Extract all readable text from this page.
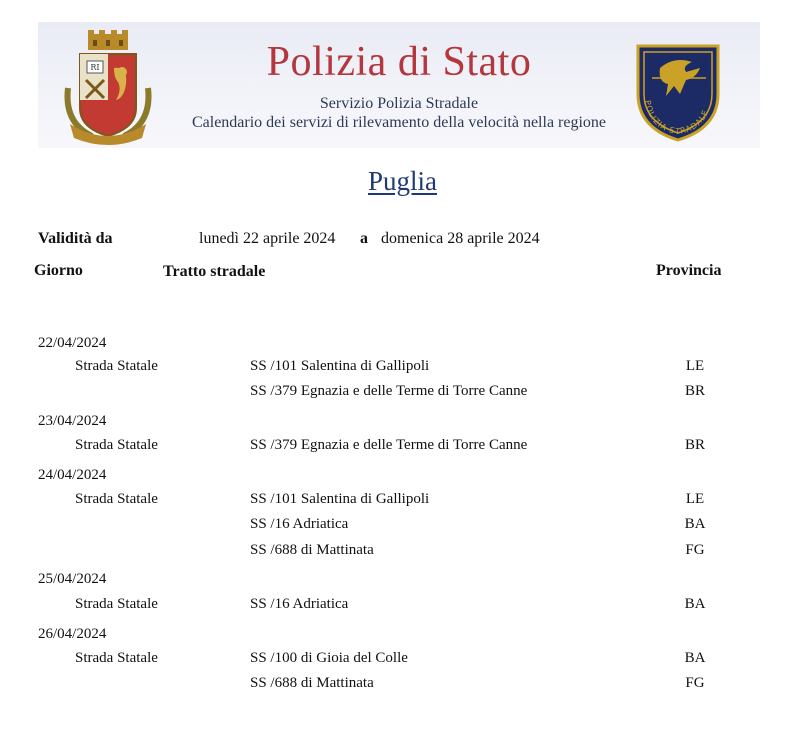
RI	Polizia di Stato
Servizio Polizia Stradale
Calendario dei servizi di rilevamento della velocità nella regione
POLIZIA STRADALE
Puglia
Validità da	lunedì 22 aprile 2024 a domenica 28 aprile 2024
Giorno	Tratto stradale	Provincia
22/04/2024
Strada Statale	SS /101 Salentina di Gallipoli	LE
SS /379 Egnazia e delle Terme di Torre Canne	BR
23/04/2024
Strada Statale	SS /379 Egnazia e delle Terme di Torre Canne	BR
24/04/2024
Strada Statale	SS /101 Salentina di Gallipoli	LE
SS /16 Adriatica	BA
SS /688 di Mattinata	FG
25/04/2024
Strada Statale	SS /16 Adriatica	BA
26/04/2024
Strada Statale	SS /100 di Gioia del Colle	BA
SS /688 di Mattinata	FG
